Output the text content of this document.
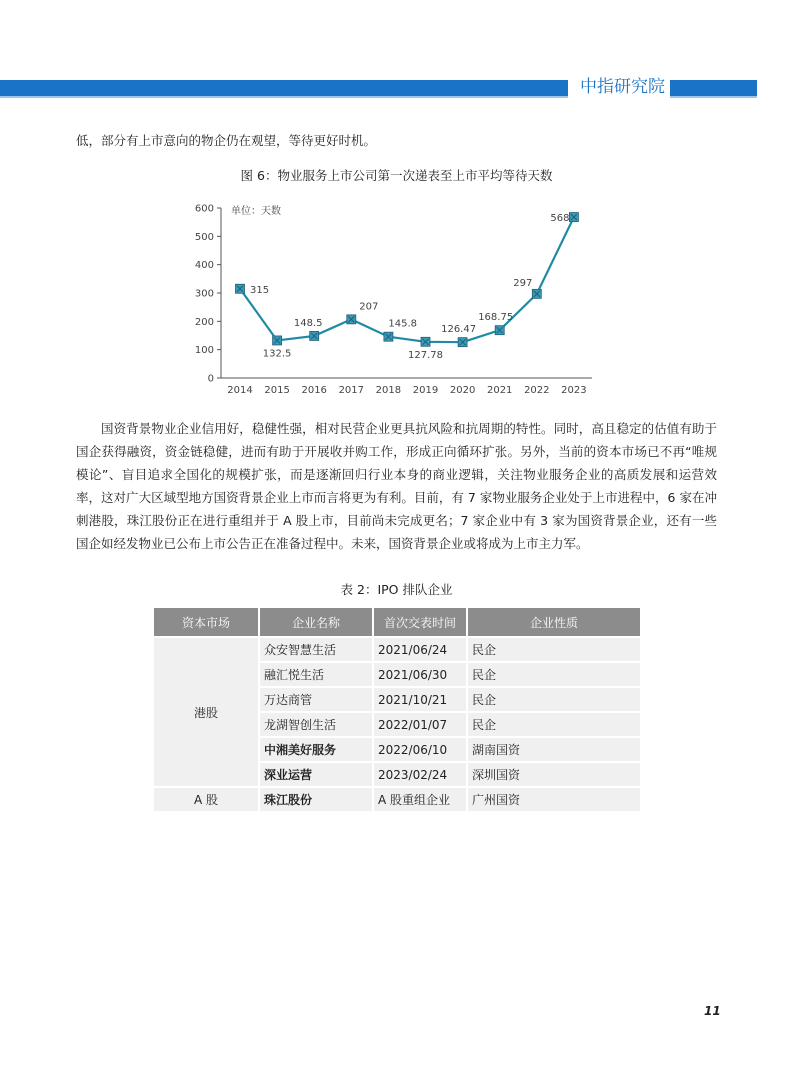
中指研究院

低，部分有上市意向的物企仍在观望，等待更好时机。

图 6：物业服务上市公司第一次递表至上市平均等待天数
0
100
200
300
400
500
600
2014 2015 2016 2017 2018 2019 2020 2021 2022 2023
单位：天数
315
132.5
148.5
207
145.8
127.78
126.47
168.75
297
568

国资背景物业企业信用好，稳健性强，相对民营企业更具抗风险和抗周期的特性。同时，高且稳定的估值有助于国企获得融资，资金链稳健，进而有助于开展收并购工作，形成正向循环扩张。另外，当前的资本市场已不再“唯规模论”、盲目追求全国化的规模扩张，而是逐渐回归行业本身的商业逻辑，关注物业服务企业的高质发展和运营效率，这对广大区域型地方国资背景企业上市而言将更为有利。目前，有 7 家物业服务企业处于上市进程中，6 家在冲刺港股，珠江股份正在进行重组并于 A 股上市，目前尚未完成更名；7 家企业中有 3 家为国资背景企业，还有一些国企如经发物业已公布上市公告正在准备过程中。未来，国资背景企业或将成为上市主力军。

表 2：IPO 排队企业
资本市场	企业名称	首次交表时间	企业性质
港股	众安智慧生活	2021/06/24	民企
	融汇悦生活	2021/06/30	民企
	万达商管	2021/10/21	民企
	龙湖智创生活	2022/01/07	民企
	中湘美好服务	2022/06/10	湖南国资
	深业运营	2023/02/24	深圳国资
A 股	珠江股份	A 股重组企业	广州国资
11
